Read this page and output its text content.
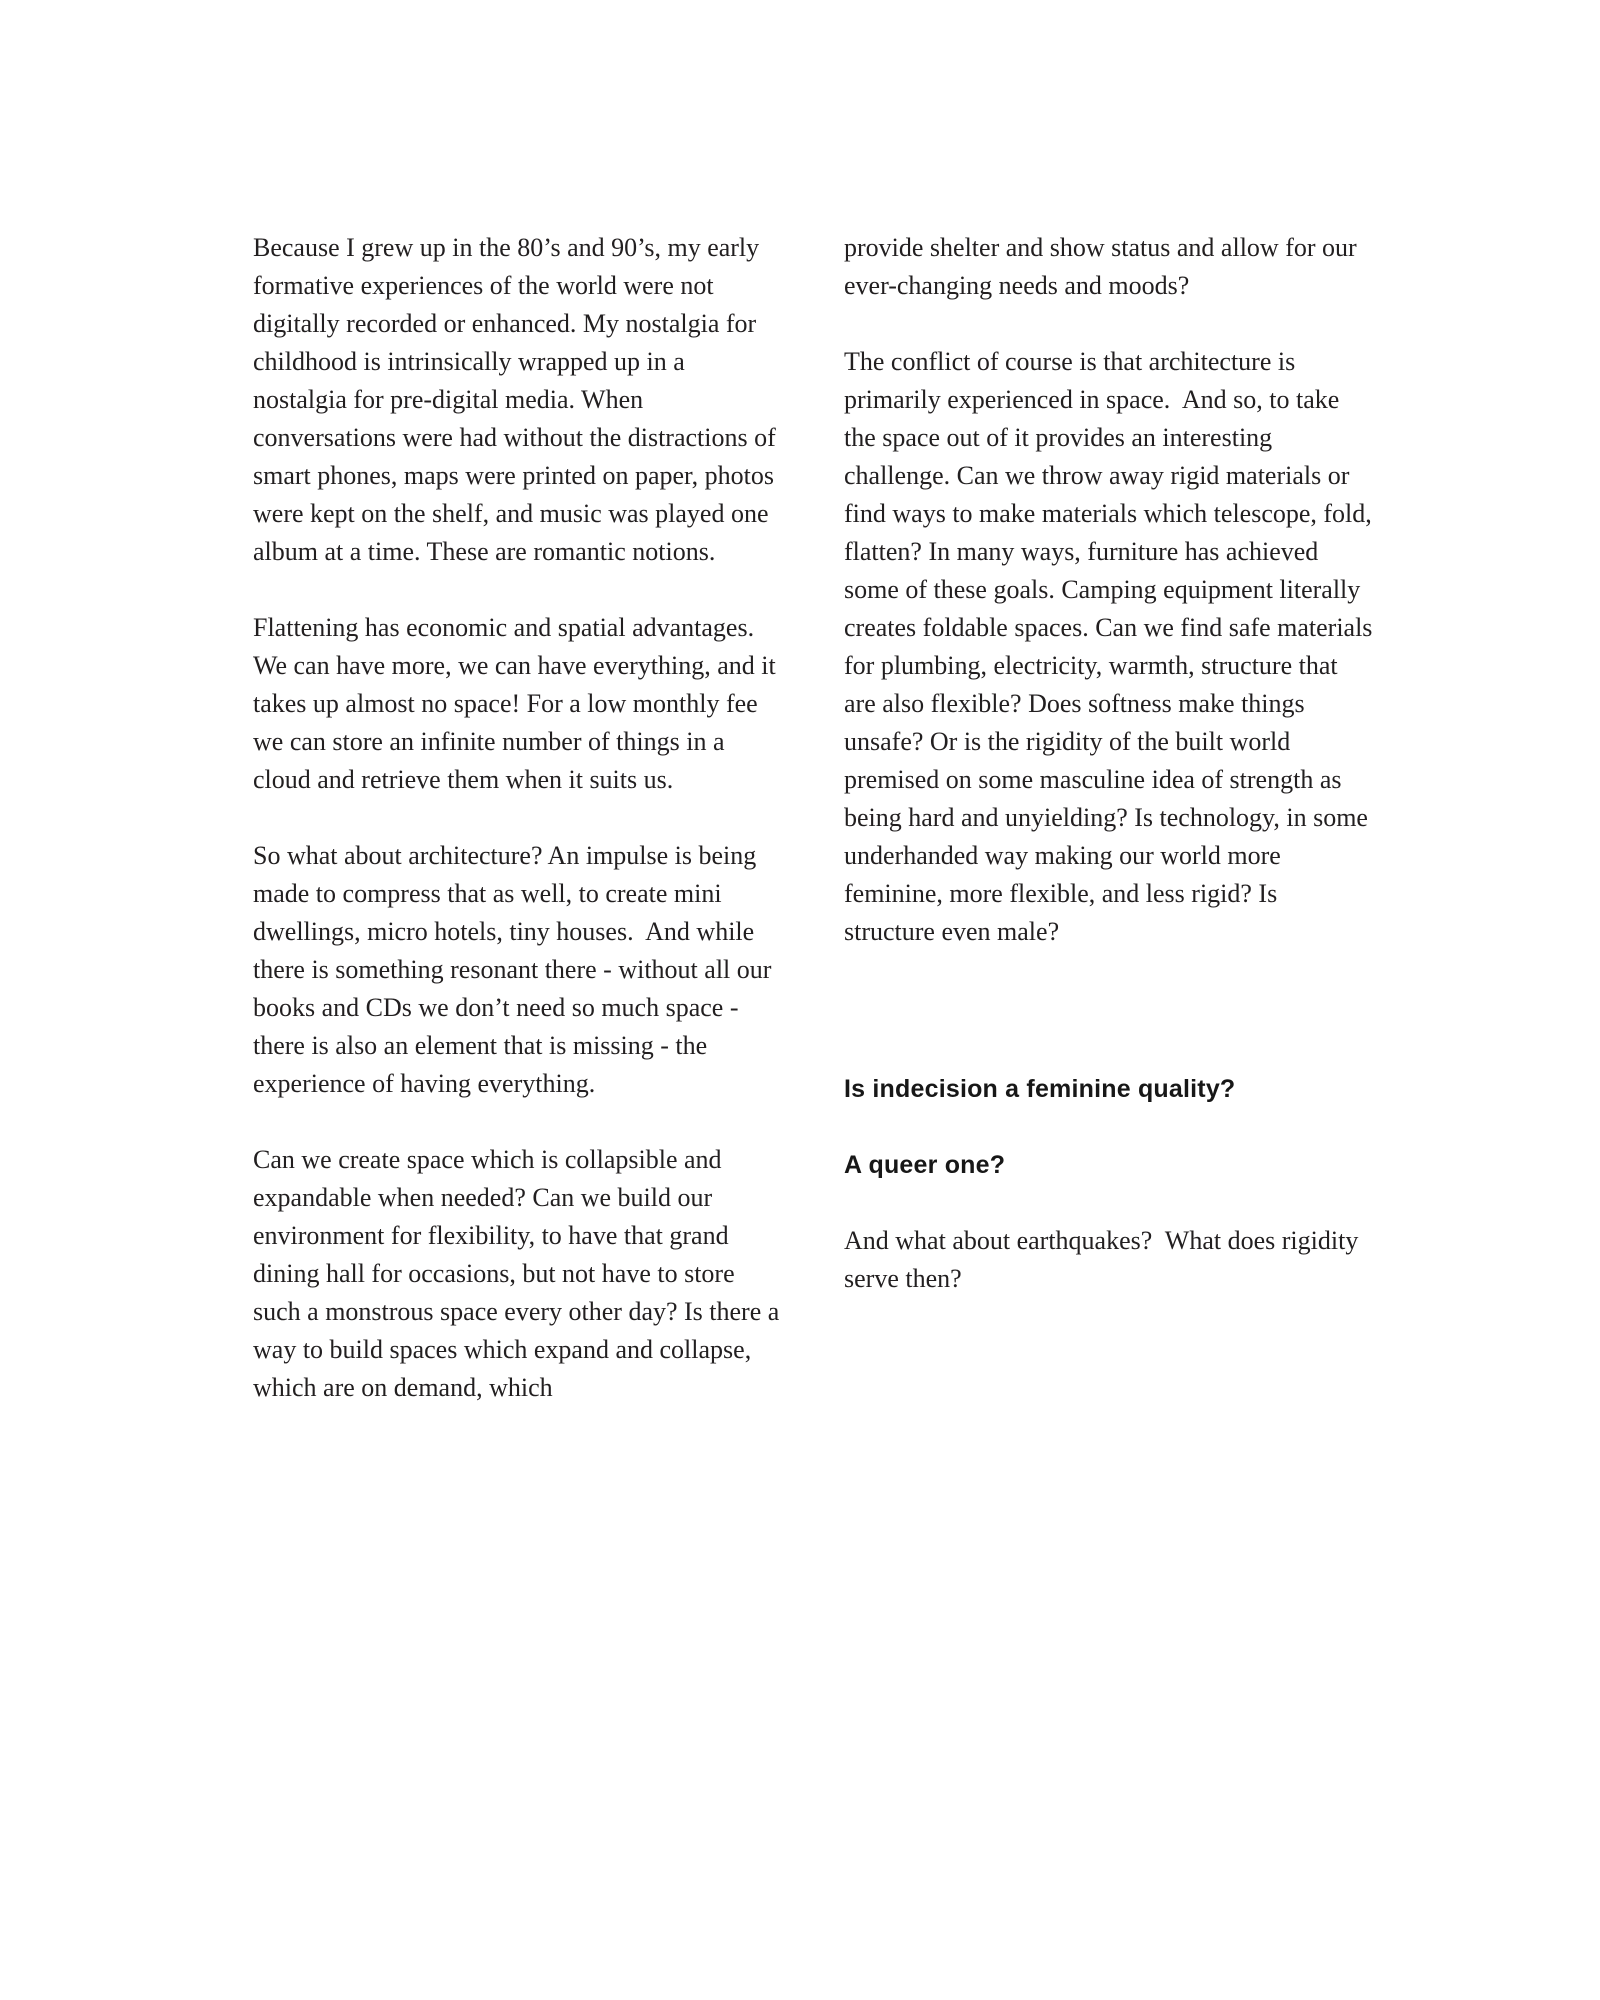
Because I grew up in the 80’s and 90’s, my early formative experiences of the world were not digitally recorded or enhanced. My nostalgia for childhood is intrinsically wrapped up in a nostalgia for pre-digital media. When conversations were had without the distractions of smart phones, maps were printed on paper, photos were kept on the shelf, and music was played one album at a time. These are romantic notions.

Flattening has economic and spatial advantages. We can have more, we can have everything, and it takes up almost no space! For a low monthly fee we can store an infinite number of things in a cloud and retrieve them when it suits us.

So what about architecture? An impulse is being made to compress that as well, to create mini dwellings, micro hotels, tiny houses.  And while there is something resonant there - without all our books and CDs we don’t need so much space - there is also an element that is missing - the experience of having everything.

Can we create space which is collapsible and expandable when needed? Can we build our environment for flexibility, to have that grand dining hall for occasions, but not have to store such a monstrous space every other day? Is there a way to build spaces which expand and collapse, which are on demand, which

provide shelter and show status and allow for our ever-changing needs and moods?

The conflict of course is that architecture is primarily experienced in space.  And so, to take the space out of it provides an interesting challenge. Can we throw away rigid materials or find ways to make materials which telescope, fold, flatten? In many ways, furniture has achieved some of these goals. Camping equipment literally creates foldable spaces. Can we find safe materials for plumbing, electricity, warmth, structure that are also flexible? Does softness make things unsafe? Or is the rigidity of the built world premised on some masculine idea of strength as being hard and unyielding? Is technology, in some underhanded way making our world more feminine, more flexible, and less rigid? Is structure even male?

Is indecision a feminine quality?

A queer one?

And what about earthquakes?  What does rigidity serve then?
